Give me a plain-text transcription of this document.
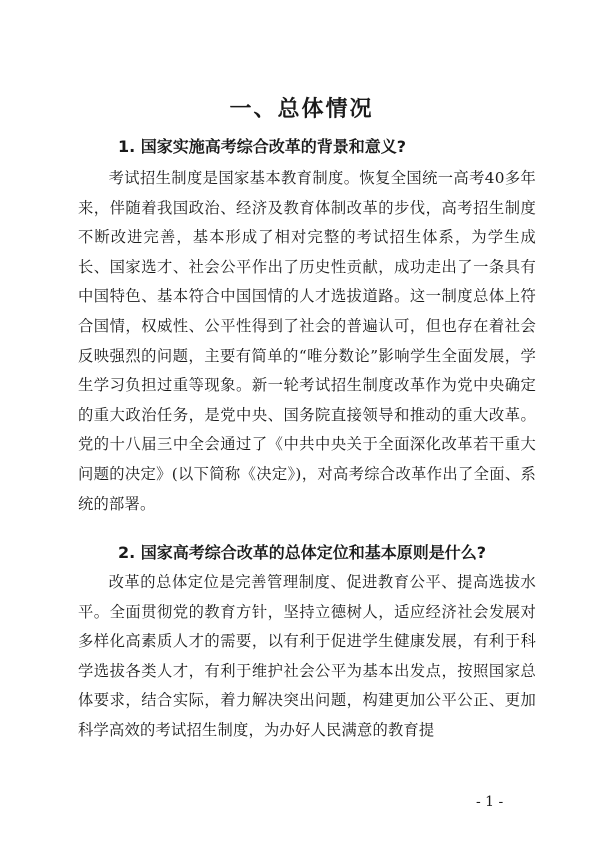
一、总体情况
1. 国家实施高考综合改革的背景和意义?

考试招生制度是国家基本教育制度。恢复全国统一高考40多年来，伴随着我国政治、经济及教育体制改革的步伐，高考招生制度不断改进完善，基本形成了相对完整的考试招生体系，为学生成长、国家选才、社会公平作出了历史性贡献，成功走出了一条具有中国特色、基本符合中国国情的人才选拔道路。这一制度总体上符合国情，权威性、公平性得到了社会的普遍认可，但也存在着社会反映强烈的问题，主要有简单的“唯分数论”影响学生全面发展，学生学习负担过重等现象。新一轮考试招生制度改革作为党中央确定的重大政治任务，是党中央、国务院直接领导和推动的重大改革。党的十八届三中全会通过了《中共中央关于全面深化改革若干重大问题的决定》(以下简称《决定》)，对高考综合改革作出了全面、系统的部署。

2. 国家高考综合改革的总体定位和基本原则是什么?

改革的总体定位是完善管理制度、促进教育公平、提高选拔水平。全面贯彻党的教育方针，坚持立德树人，适应经济社会发展对多样化高素质人才的需要，以有利于促进学生健康发展，有利于科学选拔各类人才，有利于维护社会公平为基本出发点，按照国家总体要求，结合实际，着力解决突出问题，构建更加公平公正、更加科学高效的考试招生制度，为办好人民满意的教育提

- 1 -
